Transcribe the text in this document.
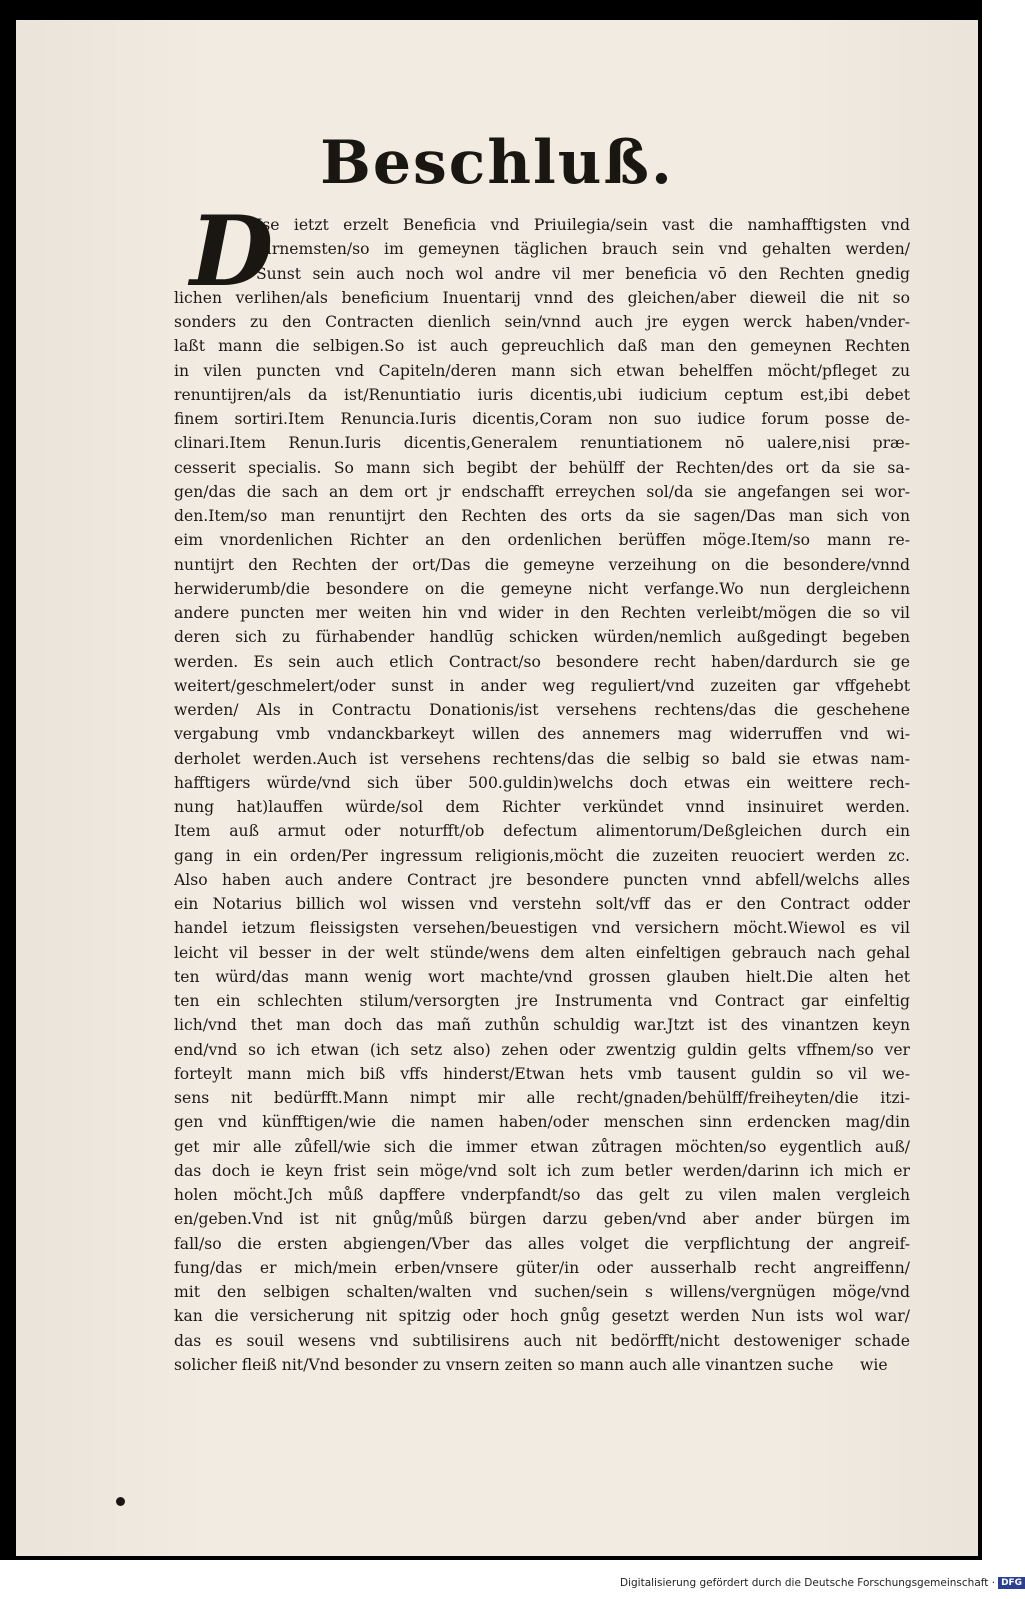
Beschluß.
D
Jse ietzt erzelt Beneficia vnd Priuilegia/sein vast die namhafftigsten vnd
fürnemsten/so im gemeynen täglichen brauch sein vnd gehalten werden/
Sunst sein auch noch wol andre vil mer beneficia vō den Rechten gnedig
lichen verlihen/als beneficium Inuentarij vnnd des gleichen/aber dieweil die nit so
sonders zu den Contracten dienlich sein/vnnd auch jre eygen werck haben/vnder-
laßt mann die selbigen.So ist auch gepreuchlich daß man den gemeynen Rechten
in vilen puncten vnd Capiteln/deren mann sich etwan behelffen möcht/pfleget zu
renuntijren/als da ist/Renuntiatio iuris dicentis,ubi iudicium ceptum est,ibi debet
finem sortiri.Item Renuncia.Iuris dicentis,Coram non suo iudice forum posse de-
clinari.Item Renun.Iuris dicentis,Generalem renuntiationem nō ualere,nisi præ-
cesserit specialis. So mann sich begibt der behülff der Rechten/des ort da sie sa-
gen/das die sach an dem ort jr endschafft erreychen sol/da sie angefangen sei wor-
den.Item/so man renuntijrt den Rechten des orts da sie sagen/Das man sich von
eim vnordenlichen Richter an den ordenlichen berüffen möge.Item/so mann re-
nuntijrt den Rechten der ort/Das die gemeyne verzeihung on die besondere/vnnd
herwiderumb/die besondere on die gemeyne nicht verfange.Wo nun dergleichenn
andere puncten mer weiten hin vnd wider in den Rechten verleibt/mögen die so vil
deren sich zu fürhabender handlūg schicken würden/nemlich außgedingt begeben
werden. Es sein auch etlich Contract/so besondere recht haben/dardurch sie ge
weitert/geschmelert/oder sunst in ander weg reguliert/vnd zuzeiten gar vffgehebt
werden/ Als in Contractu Donationis/ist versehens rechtens/das die geschehene
vergabung vmb vndanckbarkeyt willen des annemers mag widerruffen vnd wi-
derholet werden.Auch ist versehens rechtens/das die selbig so bald sie etwas nam-
hafftigers würde/vnd sich über 500.guldin)welchs doch etwas ein weittere rech-
nung hat)lauffen würde/sol dem Richter verkündet vnnd insinuiret werden.
Item auß armut oder noturfft/ob defectum alimentorum/Deßgleichen durch ein
gang in ein orden/Per ingressum religionis,möcht die zuzeiten reuociert werden zc.
Also haben auch andere Contract jre besondere puncten vnnd abfell/welchs alles
ein Notarius billich wol wissen vnd verstehn solt/vff das er den Contract odder
handel ietzum fleissigsten versehen/beuestigen vnd versichern möcht.Wiewol es vil
leicht vil besser in der welt stünde/wens dem alten einfeltigen gebrauch nach gehal
ten würd/das mann wenig wort machte/vnd grossen glauben hielt.Die alten het
ten ein schlechten stilum/versorgten jre Instrumenta vnd Contract gar einfeltig
lich/vnd thet man doch das mañ zuthůn schuldig war.Jtzt ist des vinantzen keyn
end/vnd so ich etwan (ich setz also) zehen oder zwentzig guldin gelts vffnem/so ver
forteylt mann mich biß vffs hinderst/Etwan hets vmb tausent guldin so vil we-
sens nit bedürfft.Mann nimpt mir alle recht/gnaden/behülff/freiheyten/die itzi-
gen vnd künfftigen/wie die namen haben/oder menschen sinn erdencken mag/din
get mir alle zůfell/wie sich die immer etwan zůtragen möchten/so eygentlich auß/
das doch ie keyn frist sein möge/vnd solt ich zum betler werden/darinn ich mich er
holen möcht.Jch můß dapffere vnderpfandt/so das gelt zu vilen malen vergleich
en/geben.Vnd ist nit gnůg/můß bürgen darzu geben/vnd aber ander bürgen im
fall/so die ersten abgiengen/Vber das alles volget die verpflichtung der angreif-
fung/das er mich/mein erben/vnsere güter/in oder ausserhalb recht angreiffenn/
mit den selbigen schalten/walten vnd suchen/sein s willens/vergnügen möge/vnd
kan die versicherung nit spitzig oder hoch gnůg gesetzt werden Nun ists wol war/
das es souil wesens vnd subtilisirens auch nit bedörfft/nicht destoweniger schade
solicher fleiß nit/Vnd besonder zu vnsern zeiten so mann auch alle vinantzen suche	wie
Digitalisierung gefördert durch die Deutsche Forschungsgemeinschaft · DFG
